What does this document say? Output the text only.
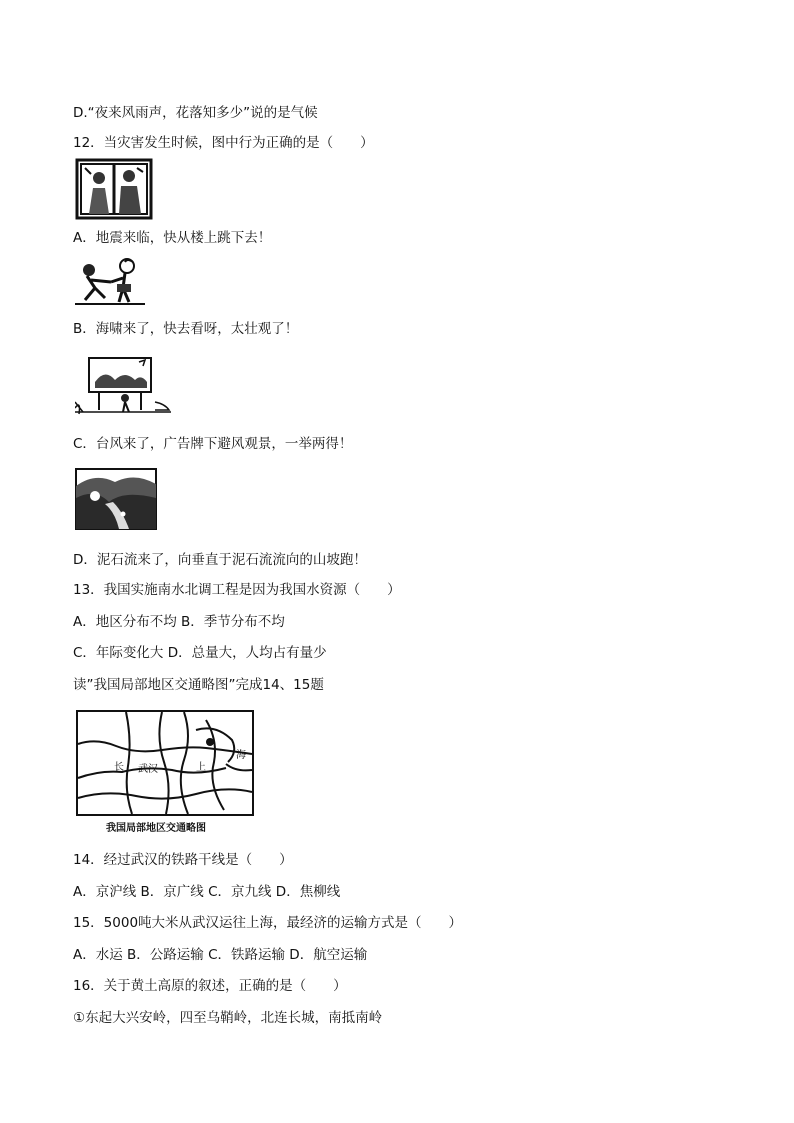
D.“夜来风雨声，花落知多少”说的是气候
12．当灾害发生时候，图中行为正确的是（　　）
A．地震来临，快从楼上跳下去！
B．海啸来了，快去看呀，太壮观了！
C．台风来了，广告牌下避风观景，一举两得！
D．泥石流来了，向垂直于泥石流流向的山坡跑！
13．我国实施南水北调工程是因为我国水资源（　　）
A．地区分布不均 B．季节分布不均
C．年际变化大 D．总量大，人均占有量少
读”我国局部地区交通略图”完成14、15题
长 武汉	上
海
我国局部地区交通略图
14．经过武汉的铁路干线是（　　）
A．京沪线 B．京广线 C．京九线 D．焦柳线
15．5000吨大米从武汉运往上海，最经济的运输方式是（　　）
A．水运 B．公路运输 C．铁路运输 D．航空运输
16．关于黄土高原的叙述，正确的是（　　）
①东起大兴安岭，四至乌鞘岭，北连长城，南抵南岭
